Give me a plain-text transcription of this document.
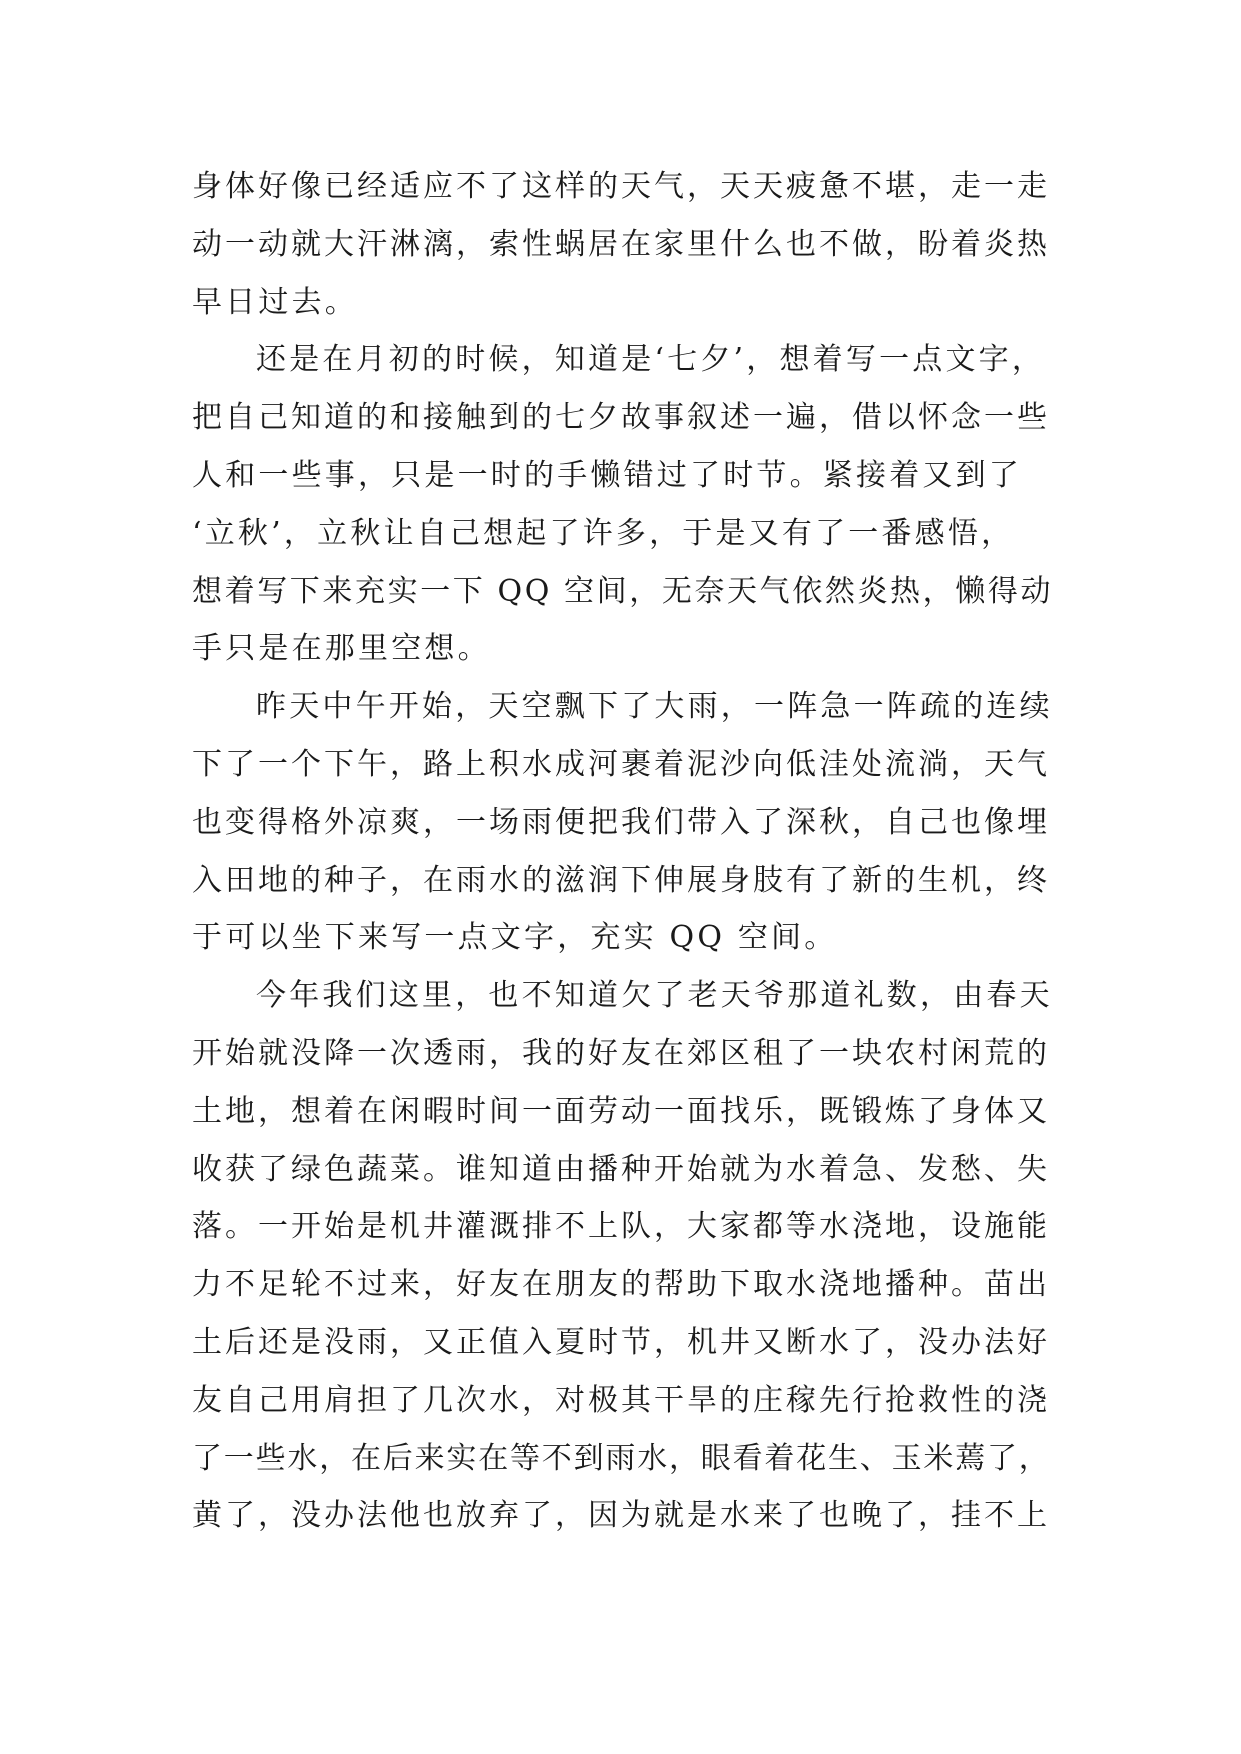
身体好像已经适应不了这样的天气，天天疲惫不堪，走一走
动一动就大汗淋漓，索性蜗居在家里什么也不做，盼着炎热
早日过去。
还是在月初的时候，知道是‘七夕’，想着写一点文字，
把自己知道的和接触到的七夕故事叙述一遍，借以怀念一些
人和一些事，只是一时的手懒错过了时节。紧接着又到了
‘立秋’，立秋让自己想起了许多，于是又有了一番感悟，
想着写下来充实一下 QQ 空间，无奈天气依然炎热，懒得动
手只是在那里空想。
昨天中午开始，天空飘下了大雨，一阵急一阵疏的连续
下了一个下午，路上积水成河裹着泥沙向低洼处流淌，天气
也变得格外凉爽，一场雨便把我们带入了深秋，自己也像埋
入田地的种子，在雨水的滋润下伸展身肢有了新的生机，终
于可以坐下来写一点文字，充实 QQ 空间。
今年我们这里，也不知道欠了老天爷那道礼数，由春天
开始就没降一次透雨，我的好友在郊区租了一块农村闲荒的
土地，想着在闲暇时间一面劳动一面找乐，既锻炼了身体又
收获了绿色蔬菜。谁知道由播种开始就为水着急、发愁、失
落。一开始是机井灌溉排不上队，大家都等水浇地，设施能
力不足轮不过来，好友在朋友的帮助下取水浇地播种。苗出
土后还是没雨，又正值入夏时节，机井又断水了，没办法好
友自己用肩担了几次水，对极其干旱的庄稼先行抢救性的浇
了一些水，在后来实在等不到雨水，眼看着花生、玉米蔫了，
黄了，没办法他也放弃了，因为就是水来了也晚了，挂不上
